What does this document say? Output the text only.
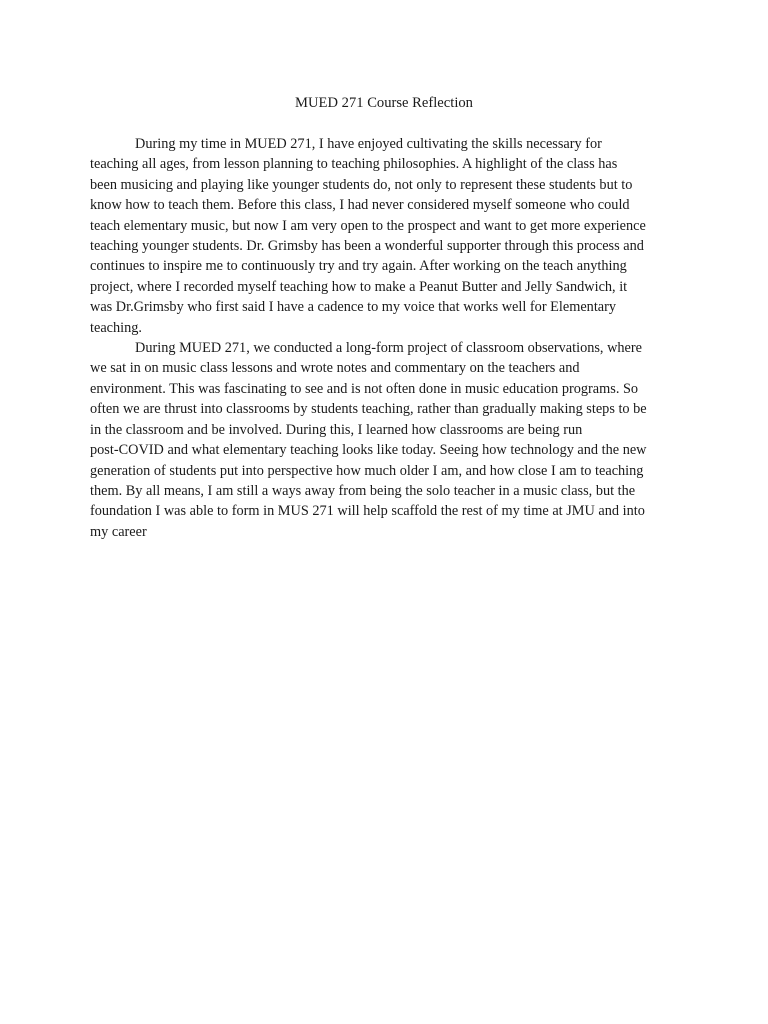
MUED 271 Course Reflection

During my time in MUED 271, I have enjoyed cultivating the skills necessary for
teaching all ages, from lesson planning to teaching philosophies. A highlight of the class has
been musicing and playing like younger students do, not only to represent these students but to
know how to teach them. Before this class, I had never considered myself someone who could
teach elementary music, but now I am very open to the prospect and want to get more experience
teaching younger students. Dr. Grimsby has been a wonderful supporter through this process and
continues to inspire me to continuously try and try again. After working on the teach anything
project, where I recorded myself teaching how to make a Peanut Butter and Jelly Sandwich, it
was Dr.Grimsby who first said I have a cadence to my voice that works well for Elementary
teaching.

During MUED 271, we conducted a long-form project of classroom observations, where
we sat in on music class lessons and wrote notes and commentary on the teachers and
environment. This was fascinating to see and is not often done in music education programs. So
often we are thrust into classrooms by students teaching, rather than gradually making steps to be
in the classroom and be involved. During this, I learned how classrooms are being run
post-COVID and what elementary teaching looks like today. Seeing how technology and the new
generation of students put into perspective how much older I am, and how close I am to teaching
them. By all means, I am still a ways away from being the solo teacher in a music class, but the
foundation I was able to form in MUS 271 will help scaffold the rest of my time at JMU and into
my career
